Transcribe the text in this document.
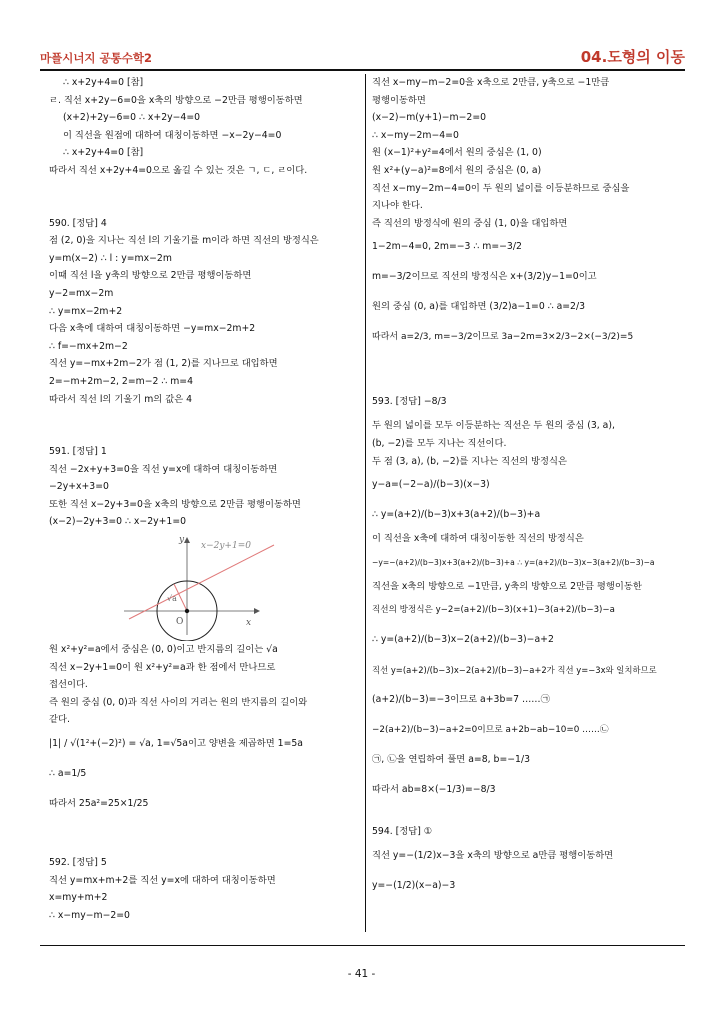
마플시너지 공통수학2	04.도형의 이동
∴ x+2y+4=0 [참]
ㄹ. 직선 x+2y−6=0을 x축의 방향으로 −2만큼 평행이동하면
(x+2)+2y−6=0 ∴ x+2y−4=0
이 직선을 원점에 대하여 대칭이동하면 −x−2y−4=0
∴ x+2y+4=0 [참]
따라서 직선 x+2y+4=0으로 옮길 수 있는 것은 ㄱ, ㄷ, ㄹ이다.
590. [정답] 4
점 (2, 0)을 지나는 직선 l의 기울기를 m이라 하면 직선의 방정식은
y=m(x−2) ∴ l : y=mx−2m
이때 직선 l을 y축의 방향으로 2만큼 평행이동하면
y−2=mx−2m
∴ y=mx−2m+2
다음 x축에 대하여 대칭이동하면 −y=mx−2m+2
∴ f=−mx+2m−2
직선 y=−mx+2m−2가 점 (1, 2)를 지나므로 대입하면
2=−m+2m−2, 2=m−2 ∴ m=4
따라서 직선 l의 기울기 m의 값은 4
591. [정답] 1
직선 −2x+y+3=0을 직선 y=x에 대하여 대칭이동하면
−2y+x+3=0
또한 직선 x−2y+3=0을 x축의 방향으로 2만큼 평행이동하면
(x−2)−2y+3=0 ∴ x−2y+1=0
x−2y+1=0
y
x
O
√a
원 x²+y²=a에서 중심은 (0, 0)이고 반지름의 길이는 √a
직선 x−2y+1=0이 원 x²+y²=a과 한 점에서 만나므로
접선이다.
즉 원의 중심 (0, 0)과 직선 사이의 거리는 원의 반지름의 길이와
같다.
|1| / √(1²+(−2)²) = √a, 1=√5a이고 양변을 제곱하면 1=5a
∴ a=1/5
따라서 25a²=25×1/25
592. [정답] 5
직선 y=mx+m+2를 직선 y=x에 대하여 대칭이동하면
x=my+m+2
∴ x−my−m−2=0
직선 x−my−m−2=0을 x축으로 2만큼, y축으로 −1만큼
평행이동하면
(x−2)−m(y+1)−m−2=0
∴ x−my−2m−4=0
원 (x−1)²+y²=4에서 원의 중심은 (1, 0)
원 x²+(y−a)²=8에서 원의 중심은 (0, a)
직선 x−my−2m−4=0이 두 원의 넓이를 이등분하므로 중심을
지나야 한다.
즉 직선의 방정식에 원의 중심 (1, 0)을 대입하면
1−2m−4=0, 2m=−3 ∴ m=−3/2
m=−3/2이므로 직선의 방정식은 x+(3/2)y−1=0이고
원의 중심 (0, a)를 대입하면 (3/2)a−1=0 ∴ a=2/3
따라서 a=2/3, m=−3/2이므로 3a−2m=3×2/3−2×(−3/2)=5
593. [정답] −8/3
두 원의 넓이를 모두 이등분하는 직선은 두 원의 중심 (3, a),
(b, −2)를 모두 지나는 직선이다.
두 점 (3, a), (b, −2)를 지나는 직선의 방정식은
y−a=(−2−a)/(b−3)(x−3)
∴ y=(a+2)/(b−3)x+3(a+2)/(b−3)+a
이 직선을 x축에 대하여 대칭이동한 직선의 방정식은
−y=−(a+2)/(b−3)x+3(a+2)/(b−3)+a ∴ y=(a+2)/(b−3)x−3(a+2)/(b−3)−a
직선을 x축의 방향으로 −1만큼, y축의 방향으로 2만큼 평행이동한
직선의 방정식은 y−2=(a+2)/(b−3)(x+1)−3(a+2)/(b−3)−a
∴ y=(a+2)/(b−3)x−2(a+2)/(b−3)−a+2
직선 y=(a+2)/(b−3)x−2(a+2)/(b−3)−a+2가 직선 y=−3x와 일치하므로
(a+2)/(b−3)=−3이므로 a+3b=7 ……㉠
−2(a+2)/(b−3)−a+2=0이므로 a+2b−ab−10=0 ……㉡
㉠, ㉡을 연립하여 풀면 a=8, b=−1/3
따라서 ab=8×(−1/3)=−8/3
594. [정답] ①
직선 y=−(1/2)x−3을 x축의 방향으로 a만큼 평행이동하면
y=−(1/2)(x−a)−3
- 41 -
